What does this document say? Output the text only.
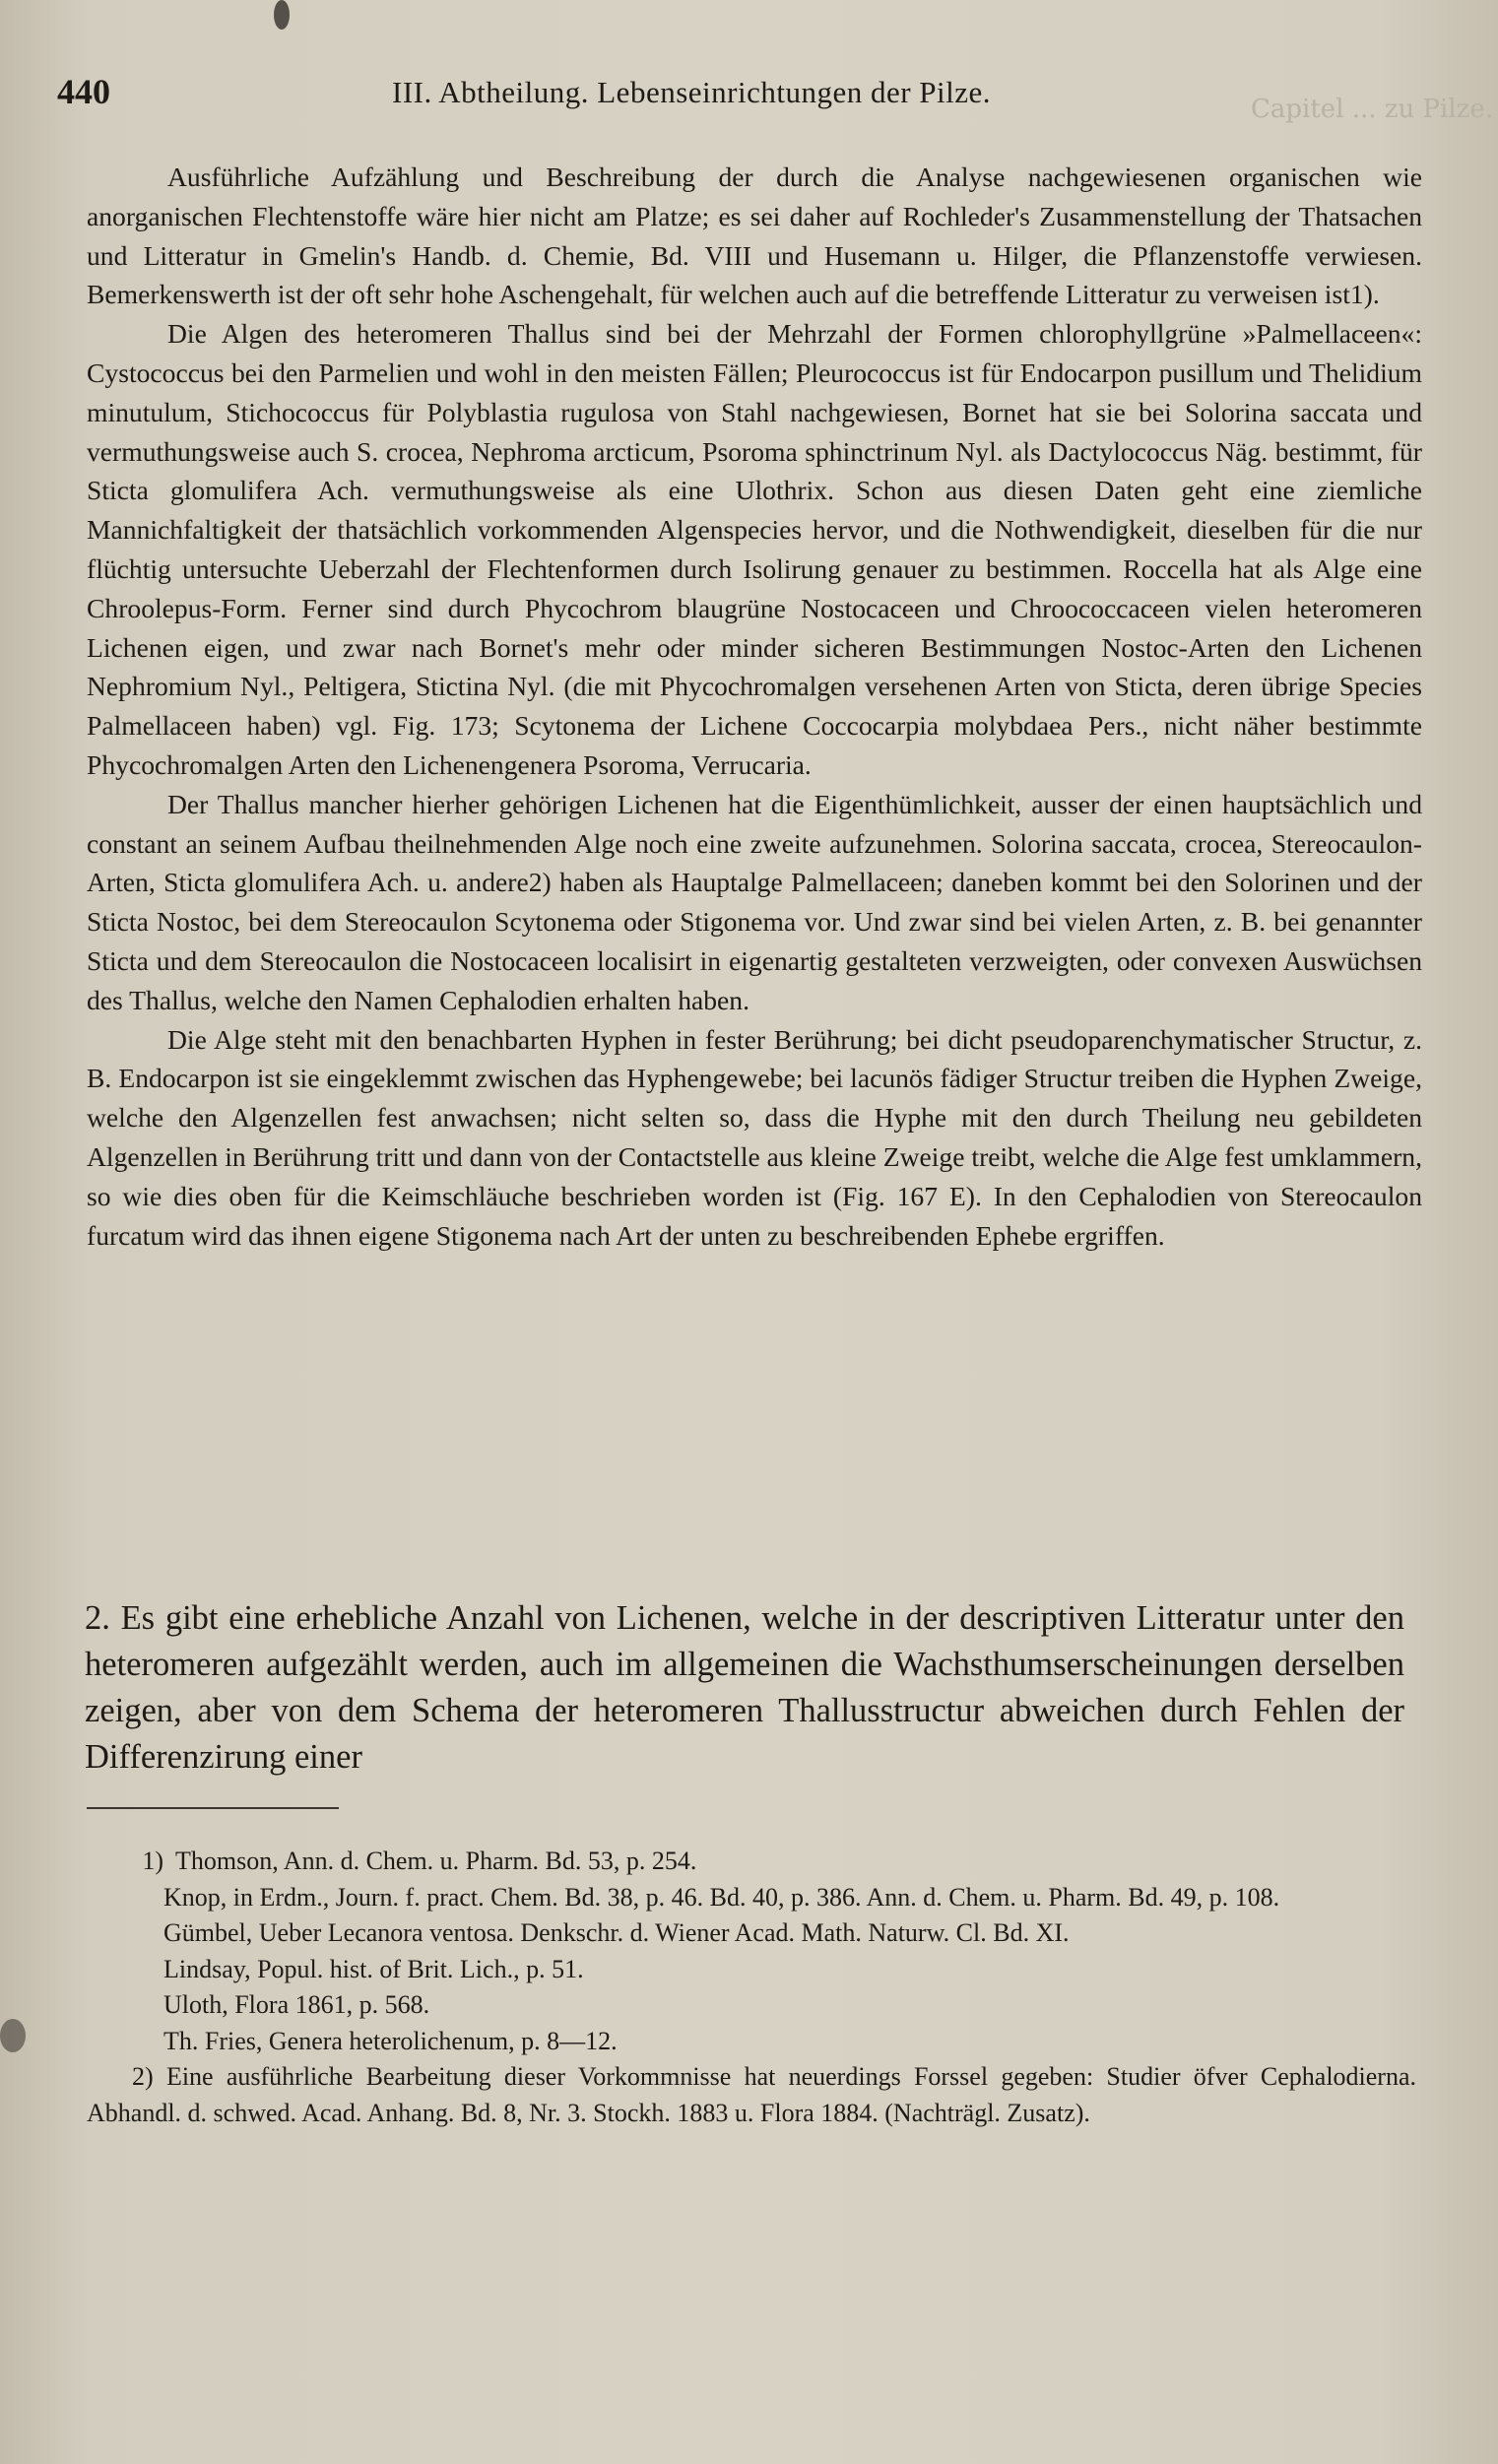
440	III. Abtheilung. Lebenseinrichtungen der Pilze.	Capitel ... zu Pilze.

Ausführliche Aufzählung und Beschreibung der durch die Analyse nachgewiesenen organischen wie anorganischen Flechtenstoffe wäre hier nicht am Platze; es sei daher auf Rochleder's Zusammenstellung der Thatsachen und Litteratur in Gmelin's Handb. d. Chemie, Bd. VIII und Husemann u. Hilger, die Pflanzenstoffe verwiesen. Bemerkenswerth ist der oft sehr hohe Aschengehalt, für welchen auch auf die betreffende Litteratur zu verweisen ist1).

Die Algen des heteromeren Thallus sind bei der Mehrzahl der Formen chlorophyllgrüne »Palmellaceen«: Cystococcus bei den Parmelien und wohl in den meisten Fällen; Pleurococcus ist für Endocarpon pusillum und Thelidium minutulum, Stichococcus für Polyblastia rugulosa von Stahl nachgewiesen, Bornet hat sie bei Solorina saccata und vermuthungsweise auch S. crocea, Nephroma arcticum, Psoroma sphinctrinum Nyl. als Dactylococcus Näg. bestimmt, für Sticta glomulifera Ach. vermuthungsweise als eine Ulothrix. Schon aus diesen Daten geht eine ziemliche Mannichfaltigkeit der thatsächlich vorkommenden Algenspecies hervor, und die Nothwendigkeit, dieselben für die nur flüchtig untersuchte Ueberzahl der Flechtenformen durch Isolirung genauer zu bestimmen. Roccella hat als Alge eine Chroolepus-Form. Ferner sind durch Phycochrom blaugrüne Nostocaceen und Chroococcaceen vielen heteromeren Lichenen eigen, und zwar nach Bornet's mehr oder minder sicheren Bestimmungen Nostoc-Arten den Lichenen Nephromium Nyl., Peltigera, Stictina Nyl. (die mit Phycochromalgen versehenen Arten von Sticta, deren übrige Species Palmellaceen haben) vgl. Fig. 173; Scytonema der Lichene Coccocarpia molybdaea Pers., nicht näher bestimmte Phycochromalgen Arten den Lichenengenera Psoroma, Verrucaria.

Der Thallus mancher hierher gehörigen Lichenen hat die Eigenthümlichkeit, ausser der einen hauptsächlich und constant an seinem Aufbau theilnehmenden Alge noch eine zweite aufzunehmen. Solorina saccata, crocea, Stereocaulon-Arten, Sticta glomulifera Ach. u. andere2) haben als Hauptalge Palmellaceen; daneben kommt bei den Solorinen und der Sticta Nostoc, bei dem Stereocaulon Scytonema oder Stigonema vor. Und zwar sind bei vielen Arten, z. B. bei genannter Sticta und dem Stereocaulon die Nostocaceen localisirt in eigenartig gestalteten verzweigten, oder convexen Auswüchsen des Thallus, welche den Namen Cephalodien erhalten haben.

Die Alge steht mit den benachbarten Hyphen in fester Berührung; bei dicht pseudoparenchymatischer Structur, z. B. Endocarpon ist sie eingeklemmt zwischen das Hyphengewebe; bei lacunös fädiger Structur treiben die Hyphen Zweige, welche den Algenzellen fest anwachsen; nicht selten so, dass die Hyphe mit den durch Theilung neu gebildeten Algenzellen in Berührung tritt und dann von der Contactstelle aus kleine Zweige treibt, welche die Alge fest umklammern, so wie dies oben für die Keimschläuche beschrieben worden ist (Fig. 167 E). In den Cephalodien von Stereocaulon furcatum wird das ihnen eigene Stigonema nach Art der unten zu beschreibenden Ephebe ergriffen.

2. Es gibt eine erhebliche Anzahl von Lichenen, welche in der descriptiven Litteratur unter den heteromeren aufgezählt werden, auch im allgemeinen die Wachsthumserscheinungen derselben zeigen, aber von dem Schema der heteromeren Thallusstructur abweichen durch Fehlen der Differenzirung einer
1) Thomson, Ann. d. Chem. u. Pharm. Bd. 53, p. 254.
Knop, in Erdm., Journ. f. pract. Chem. Bd. 38, p. 46. Bd. 40, p. 386. Ann. d. Chem. u. Pharm. Bd. 49, p. 108.
Gümbel, Ueber Lecanora ventosa. Denkschr. d. Wiener Acad. Math. Naturw. Cl. Bd. XI.
Lindsay, Popul. hist. of Brit. Lich., p. 51.
Uloth, Flora 1861, p. 568.
Th. Fries, Genera heterolichenum, p. 8—12.
2) Eine ausführliche Bearbeitung dieser Vorkommnisse hat neuerdings Forssel gegeben: Studier öfver Cephalodierna. Abhandl. d. schwed. Acad. Anhang. Bd. 8, Nr. 3. Stockh. 1883 u. Flora 1884. (Nachträgl. Zusatz).
